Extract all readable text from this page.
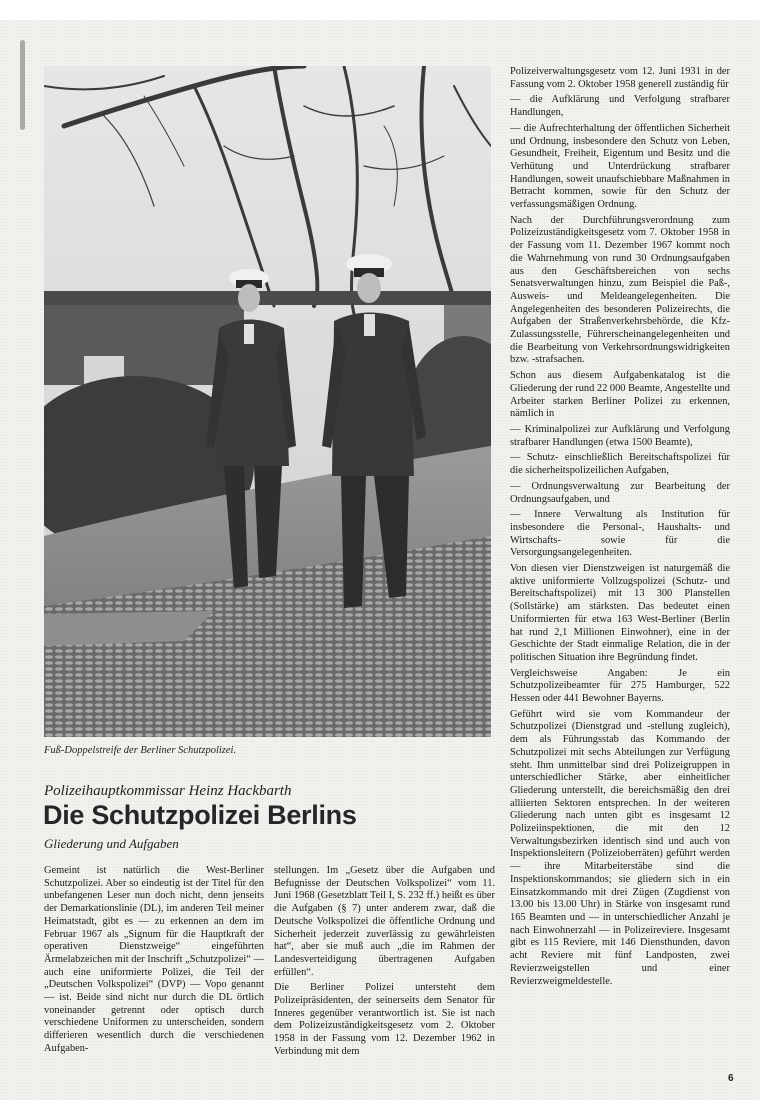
Fuß-Doppelstreife der Berliner Schutzpolizei.
Polizeihauptkommissar Heinz Hackbarth
Die Schutzpolizei Berlins
Gliederung und Aufgaben

Gemeint ist natürlich die West-Berliner Schutzpolizei. Aber so eindeutig ist der Titel für den unbefangenen Leser nun doch nicht, denn jenseits der Demarkationslinie (DL), im anderen Teil meiner Heimatstadt, gibt es — zu erkennen an dem im Februar 1967 als „Signum für die Hauptkraft der operativen Dienstzweige“ eingeführten Ärmelabzeichen mit der Inschrift „Schutzpolizei“ — auch eine uniformierte Polizei, die Teil der „Deutschen Volkspolizei“ (DVP) — Vopo genannt — ist. Beide sind nicht nur durch die DL örtlich voneinander getrennt oder optisch durch verschiedene Uniformen zu unterscheiden, sondern differieren wesentlich durch die verschiedenen Aufgaben-

stellungen. Im „Gesetz über die Aufgaben und Befugnisse der Deutschen Volkspolizei“ vom 11. Juni 1968 (Gesetzblatt Teil I, S. 232 ff.) heißt es über die Aufgaben (§ 7) unter anderem zwar, daß die Deutsche Volkspolizei die öffentliche Ordnung und Sicherheit jederzeit zuverlässig zu gewährleisten hat“, aber sie muß auch „die im Rahmen der Landesverteidigung übertragenen Aufgaben erfüllen“.

Die Berliner Polizei untersteht dem Polizeipräsidenten, der seinerseits dem Senator für Inneres gegenüber verantwortlich ist. Sie ist nach dem Polizeizuständigkeitsgesetz vom 2. Oktober 1958 in der Fassung vom 12. Dezember 1962 in Verbindung mit dem

Polizeiverwaltungsgesetz vom 12. Juni 1931 in der Fassung vom 2. Oktober 1958 generell zuständig für

— die Aufklärung und Verfolgung strafbarer Handlungen,

— die Aufrechterhaltung der öffentlichen Sicherheit und Ordnung, insbesondere den Schutz von Leben, Gesundheit, Freiheit, Eigentum und Besitz und die Verhütung und Unterdrückung strafbarer Handlungen, soweit unaufschiebbare Maßnahmen in Betracht kommen, sowie für den Schutz der verfassungsmäßigen Ordnung.

Nach der Durchführungsverordnung zum Polizeizuständigkeitsgesetz vom 7. Oktober 1958 in der Fassung vom 11. Dezember 1967 kommt noch die Wahrnehmung von rund 30 Ordnungsaufgaben aus den Geschäftsbereichen von sechs Senatsverwaltungen hinzu, zum Beispiel die Paß-, Ausweis- und Meldeangelegenheiten. Die Angelegenheiten des besonderen Polizeirechts, die Aufgaben der Straßenverkehrsbehörde, die Kfz-Zulassungsstelle, Führerscheinangelegenheiten und die Bearbeitung von Verkehrsordnungswidrigkeiten bzw. -strafsachen.

Schon aus diesem Aufgabenkatalog ist die Gliederung der rund 22 000 Beamte, Angestellte und Arbeiter starken Berliner Polizei zu erkennen, nämlich in

— Kriminalpolizei zur Aufklärung und Verfolgung strafbarer Handlungen (etwa 1500 Beamte),

— Schutz- einschließlich Bereitschaftspolizei für die sicherheitspolizeilichen Aufgaben,

— Ordnungsverwaltung zur Bearbeitung der Ordnungsaufgaben, und

— Innere Verwaltung als Institution für insbesondere die Personal-, Haushalts- und Wirtschafts- sowie für die Versorgungsangelegenheiten.

Von diesen vier Dienstzweigen ist naturgemäß die aktive uniformierte Vollzugspolizei (Schutz- und Bereitschaftspolizei) mit 13 300 Planstellen (Sollstärke) am stärksten. Das bedeutet einen Uniformierten für etwa 163 West-Berliner (Berlin hat rund 2,1 Millionen Einwohner), eine in der Geschichte der Stadt einmalige Relation, die in der politischen Situation ihre Begründung findet.

Vergleichsweise Angaben: Je ein Schutzpolizeibeamter für 275 Hamburger, 522 Hessen oder 441 Bewohner Bayerns.

Geführt wird sie vom Kommandeur der Schutzpolizei (Dienstgrad und -stellung zugleich), dem als Führungsstab das Kommando der Schutzpolizei mit sechs Abteilungen zur Verfügung steht. Ihm unmittelbar sind drei Polizeigruppen in unterschiedlicher Stärke, aber einheitlicher Gliederung unterstellt, die bereichsmäßig den drei alliierten Sektoren entsprechen. In der weiteren Gliederung nach unten gibt es insgesamt 12 Polizeiinspektionen, die mit den 12 Verwaltungsbezirken identisch sind und auch von Inspektionsleitern (Polizeioberräten) geführt werden — ihre Mitarbeiterstäbe sind die Inspektionskommandos; sie gliedern sich in ein Einsatzkommando mit drei Zügen (Zugdienst von 13.00 bis 13.00 Uhr) in Stärke von insgesamt rund 165 Beamten und — in unterschiedlicher Anzahl je nach Einwohnerzahl — in Polizeireviere. Insgesamt gibt es 115 Reviere, mit 146 Diensthunden, davon acht Reviere mit fünf Landposten, zwei Revierzweigstellen und einer Revierzweigmeldestelle.

6
